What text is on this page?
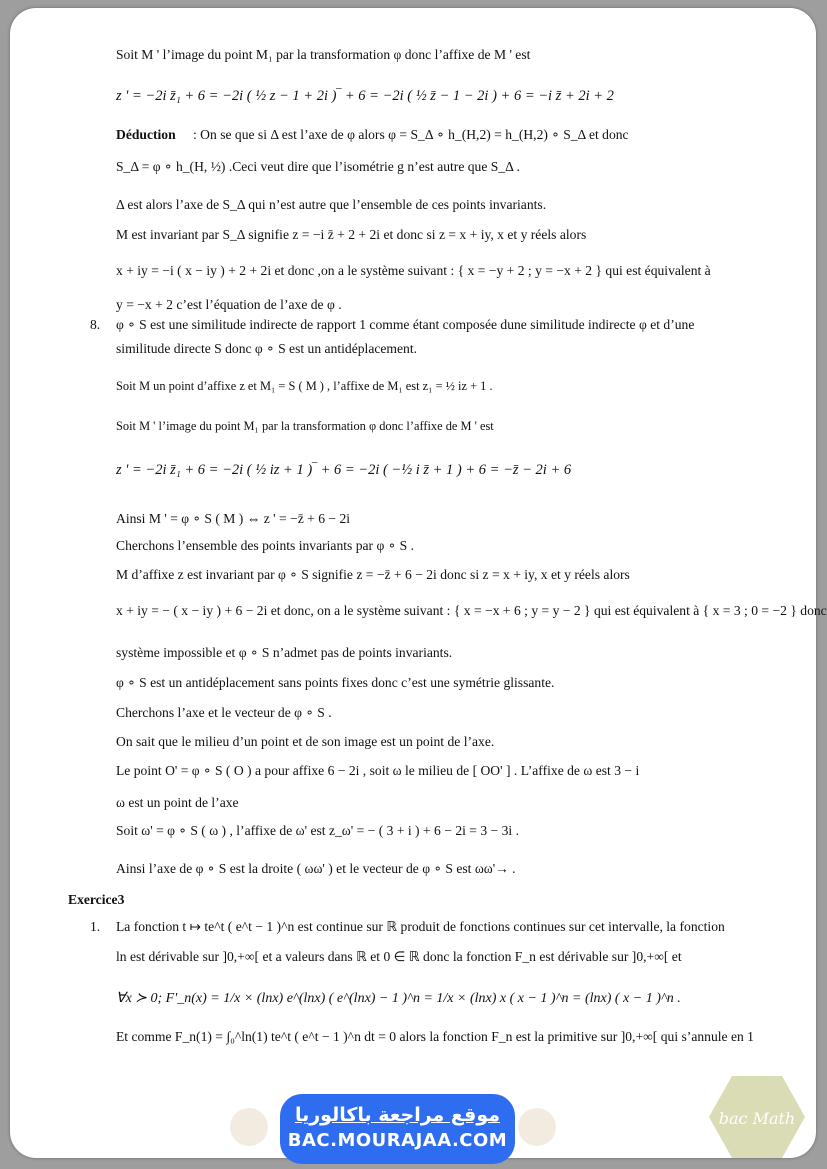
Soit M ' l’image du point M₁ par la transformation φ donc l’affixe de M ' est
z ' = −2i z̄₁ + 6 = −2i ( ½ z − 1 + 2i )‾ + 6 = −2i ( ½ z̄ − 1 − 2i ) + 6 = −i z̄ + 2i + 2
Déduction : On se que si Δ est l’axe de φ alors φ = S_Δ ∘ h_(H,2) = h_(H,2) ∘ S_Δ et donc
S_Δ = φ ∘ h_(H, ½) .Ceci veut dire que l’isométrie g n’est autre que S_Δ .
Δ est alors l’axe de S_Δ qui n’est autre que l’ensemble de ces points invariants.
M est invariant par S_Δ signifie z = −i z̄ + 2 + 2i et donc si z = x + iy, x et y réels alors
x + iy = −i ( x − iy ) + 2 + 2i et donc ,on a le système suivant : { x = −y + 2 ; y = −x + 2 } qui est équivalent à
y = −x + 2 c’est l’équation de l’axe de φ .
8. φ ∘ S est une similitude indirecte de rapport 1 comme étant composée dune similitude indirecte φ et d’une
similitude directe S donc φ ∘ S est un antidéplacement.
Soit M un point d’affixe z et M₁ = S ( M ) , l’affixe de M₁ est z₁ = ½ iz + 1 .
Soit M ' l’image du point M₁ par la transformation φ donc l’affixe de M ' est
z ' = −2i z̄₁ + 6 = −2i ( ½ iz + 1 )‾ + 6 = −2i ( −½ i z̄ + 1 ) + 6 = −z̄ − 2i + 6
Ainsi M ' = φ ∘ S ( M ) ⇔ z ' = −z̄ + 6 − 2i
Cherchons l’ensemble des points invariants par φ ∘ S .
M d’affixe z est invariant par φ ∘ S signifie z = −z̄ + 6 − 2i donc si z = x + iy, x et y réels alors
x + iy = − ( x − iy ) + 6 − 2i et donc, on a le système suivant : { x = −x + 6 ; y = y − 2 } qui est équivalent à { x = 3 ; 0 = −2 } donc
système impossible et φ ∘ S n’admet pas de points invariants.
φ ∘ S est un antidéplacement sans points fixes donc c’est une symétrie glissante.
Cherchons l’axe et le vecteur de φ ∘ S .
On sait que le milieu d’un point et de son image est un point de l’axe.
Le point O' = φ ∘ S ( O ) a pour affixe 6 − 2i , soit ω le milieu de [ OO' ] . L’affixe de ω est 3 − i
ω est un point de l’axe
Soit ω' = φ ∘ S ( ω ) , l’affixe de ω' est z_ω' = − ( 3 + i ) + 6 − 2i = 3 − 3i .
Ainsi l’axe de φ ∘ S est la droite ( ωω' ) et le vecteur de φ ∘ S est ωω'→ .
Exercice3
1. La fonction t ↦ te^t ( e^t − 1 )^n est continue sur ℝ produit de fonctions continues sur cet intervalle, la fonction
ln est dérivable sur ]0,+∞[ et a valeurs dans ℝ et 0 ∈ ℝ donc la fonction F_n est dérivable sur ]0,+∞[ et
∀x ≻ 0; F'_n(x) = 1/x × (lnx) e^(lnx) ( e^(lnx) − 1 )^n = 1/x × (lnx) x ( x − 1 )^n = (lnx) ( x − 1 )^n .
Et comme F_n(1) = ∫₀^ln(1) te^t ( e^t − 1 )^n dt = 0 alors la fonction F_n est la primitive sur ]0,+∞[ qui s’annule en 1
موقع مراجعة باكالوريا
BAC.MOURAJAA.COM
bac Math
